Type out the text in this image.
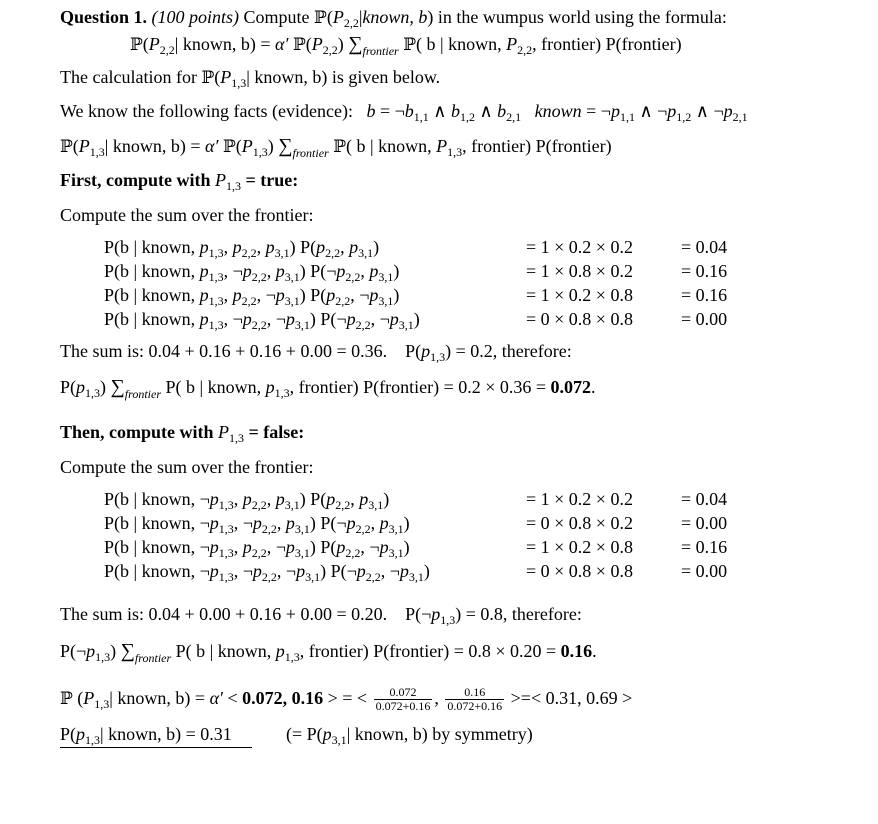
Question 1. (100 points) Compute $ℙ(P_{2,2}|known$, b) in the wumpus world using the formula:
$ℙ(P_{2,2}|$ known, b) = α′ $ℙ(P_{2,2})$ $\sum_{frontier}$ ℙ( b | known, $P_{2,2}$, frontier) P(frontier)
The calculation for $ℙ(P_{1,3}|$ known, b) is given below.
We know the following facts (evidence): $b = \neg b_{1,1}$ ∧ $b_{1,2}$ ∧ $b_{2,1}$ known = $\neg p_{1,1}$ ∧ $\neg p_{1,2}$ ∧ $\neg p_{2,1}$
$ℙ(P_{1,3}|$ known, b) = α′ $ℙ(P_{1,3})$ $\sum_{frontier}$ ℙ( b | known, $P_{1,3}$, frontier) P(frontier)
First, compute with $P_{1,3}$ = true:
Compute the sum over the frontier:
P(b | known, $p_{1,3}$, $p_{2,2}$, $p_{3,1}$) $P(p_{2,2}$, $p_{3,1}$)	= 1 × 0.2 × 0.2	= 0.04
P(b | known, $p_{1,3}$, $\neg p_{2,2}$, $p_{3,1}$) $P(\neg p_{2,2}$, $p_{3,1}$)	= 1 × 0.8 × 0.2	= 0.16
P(b | known, $p_{1,3}$, $p_{2,2}$, $\neg p_{3,1}$) $P(p_{2,2}$, $\neg p_{3,1}$)	= 1 × 0.2 × 0.8	= 0.16
P(b | known, $p_{1,3}$, $\neg p_{2,2}$, $\neg p_{3,1}$) $P(\neg p_{2,2}$, $\neg p_{3,1}$)	= 0 × 0.8 × 0.8	= 0.00
The sum is: 0.04 + 0.16 + 0.16 + 0.00 = 0.36.    $P(p_{1,3}) = 0.2$, therefore:
$P(p_{1,3})$ $\sum_{frontier}$ P( b | known, $p_{1,3}$, frontier) P(frontier) = 0.2 × 0.36 = 0.072.
Then, compute with $P_{1,3}$ = false:
Compute the sum over the frontier:
P(b | known, $\neg p_{1,3}$, $p_{2,2}$, $p_{3,1}$) $P(p_{2,2}$, $p_{3,1}$)	= 1 × 0.2 × 0.2	= 0.04
P(b | known, $\neg p_{1,3}$, $\neg p_{2,2}$, $p_{3,1}$) $P(\neg p_{2,2}$, $p_{3,1}$)	= 0 × 0.8 × 0.2	= 0.00
P(b | known, $\neg p_{1,3}$, $p_{2,2}$, $\neg p_{3,1}$) $P(p_{2,2}$, $\neg p_{3,1}$)	= 1 × 0.2 × 0.8	= 0.16
P(b | known, $\neg p_{1,3}$, $\neg p_{2,2}$, $\neg p_{3,1}$) $P(\neg p_{2,2}$, $\neg p_{3,1}$)	= 0 × 0.8 × 0.8	= 0.00
The sum is: 0.04 + 0.00 + 0.16 + 0.00 = 0.20.    $P(\neg p_{1,3}) = 0.8$, therefore:
$P(\neg p_{1,3})$ $\sum_{frontier}$ P( b | known, $p_{1,3}$, frontier) P(frontier) = 0.8 × 0.20 = 0.16.
ℙ ($P_{1,3}|$ known, b) = α′ < 0.072, 0.16 > = < $\frac{0.072}{0.072+0.16}$ , $\frac{0.16}{0.072+0.16}$ >=< 0.31, 0.69 >
$P(p_{1,3}|$ known, b) = 0.31	(= $P(p_{3,1}|$ known, b) by symmetry)
